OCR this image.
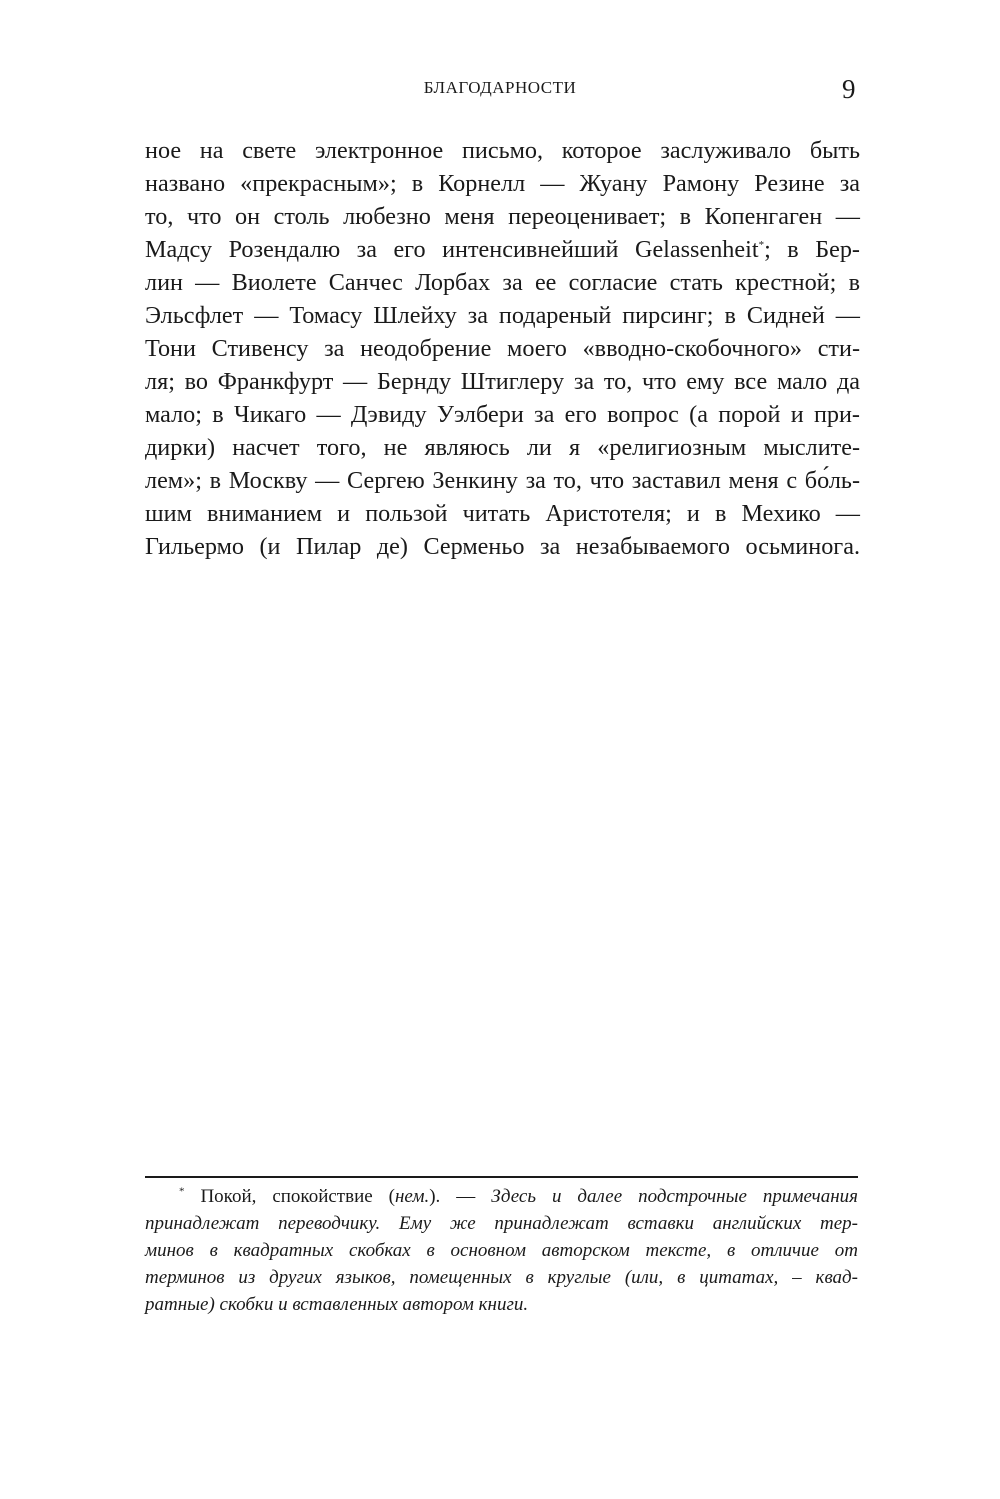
БЛАГОДАРНОСТИ	9
ное на свете электронное письмо, которое заслуживало быть
названо «прекрасным»; в Корнелл — Жуану Рамону Резине за
то, что он столь любезно меня переоценивает; в Копенгаген —
Мадсу Розендалю за его интенсивнейший Gelassenheit*; в Бер-
лин — Виолете Санчес Лорбах за ее согласие стать крестной; в
Эльсфлет — Томасу Шлейху за подареный пирсинг; в Сидней —
Тони Стивенсу за неодобрение моего «вводно-скобочного» сти-
ля; во Франкфурт — Бернду Штиглеру за то, что ему все мало да
мало; в Чикаго — Дэвиду Уэлбери за его вопрос (а порой и при-
дирки) насчет того, не являюсь ли я «религиозным мыслите-
лем»; в Москву — Сергею Зенкину за то, что заставил меня с бо́ль-
шим вниманием и пользой читать Аристотеля; и в Мехико —
Гильермо (и Пилар де) Серменьо за незабываемого осьминога.
* Покой, спокойствие (нем.). — Здесь и далее подстрочные примечания
принадлежат переводчику. Ему же принадлежат вставки английских тер-
минов в квадратных скобках в основном авторском тексте, в отличие от
терминов из других языков, помещенных в круглые (или, в цитатах, – квад-
ратные) скобки и вставленных автором книги.
